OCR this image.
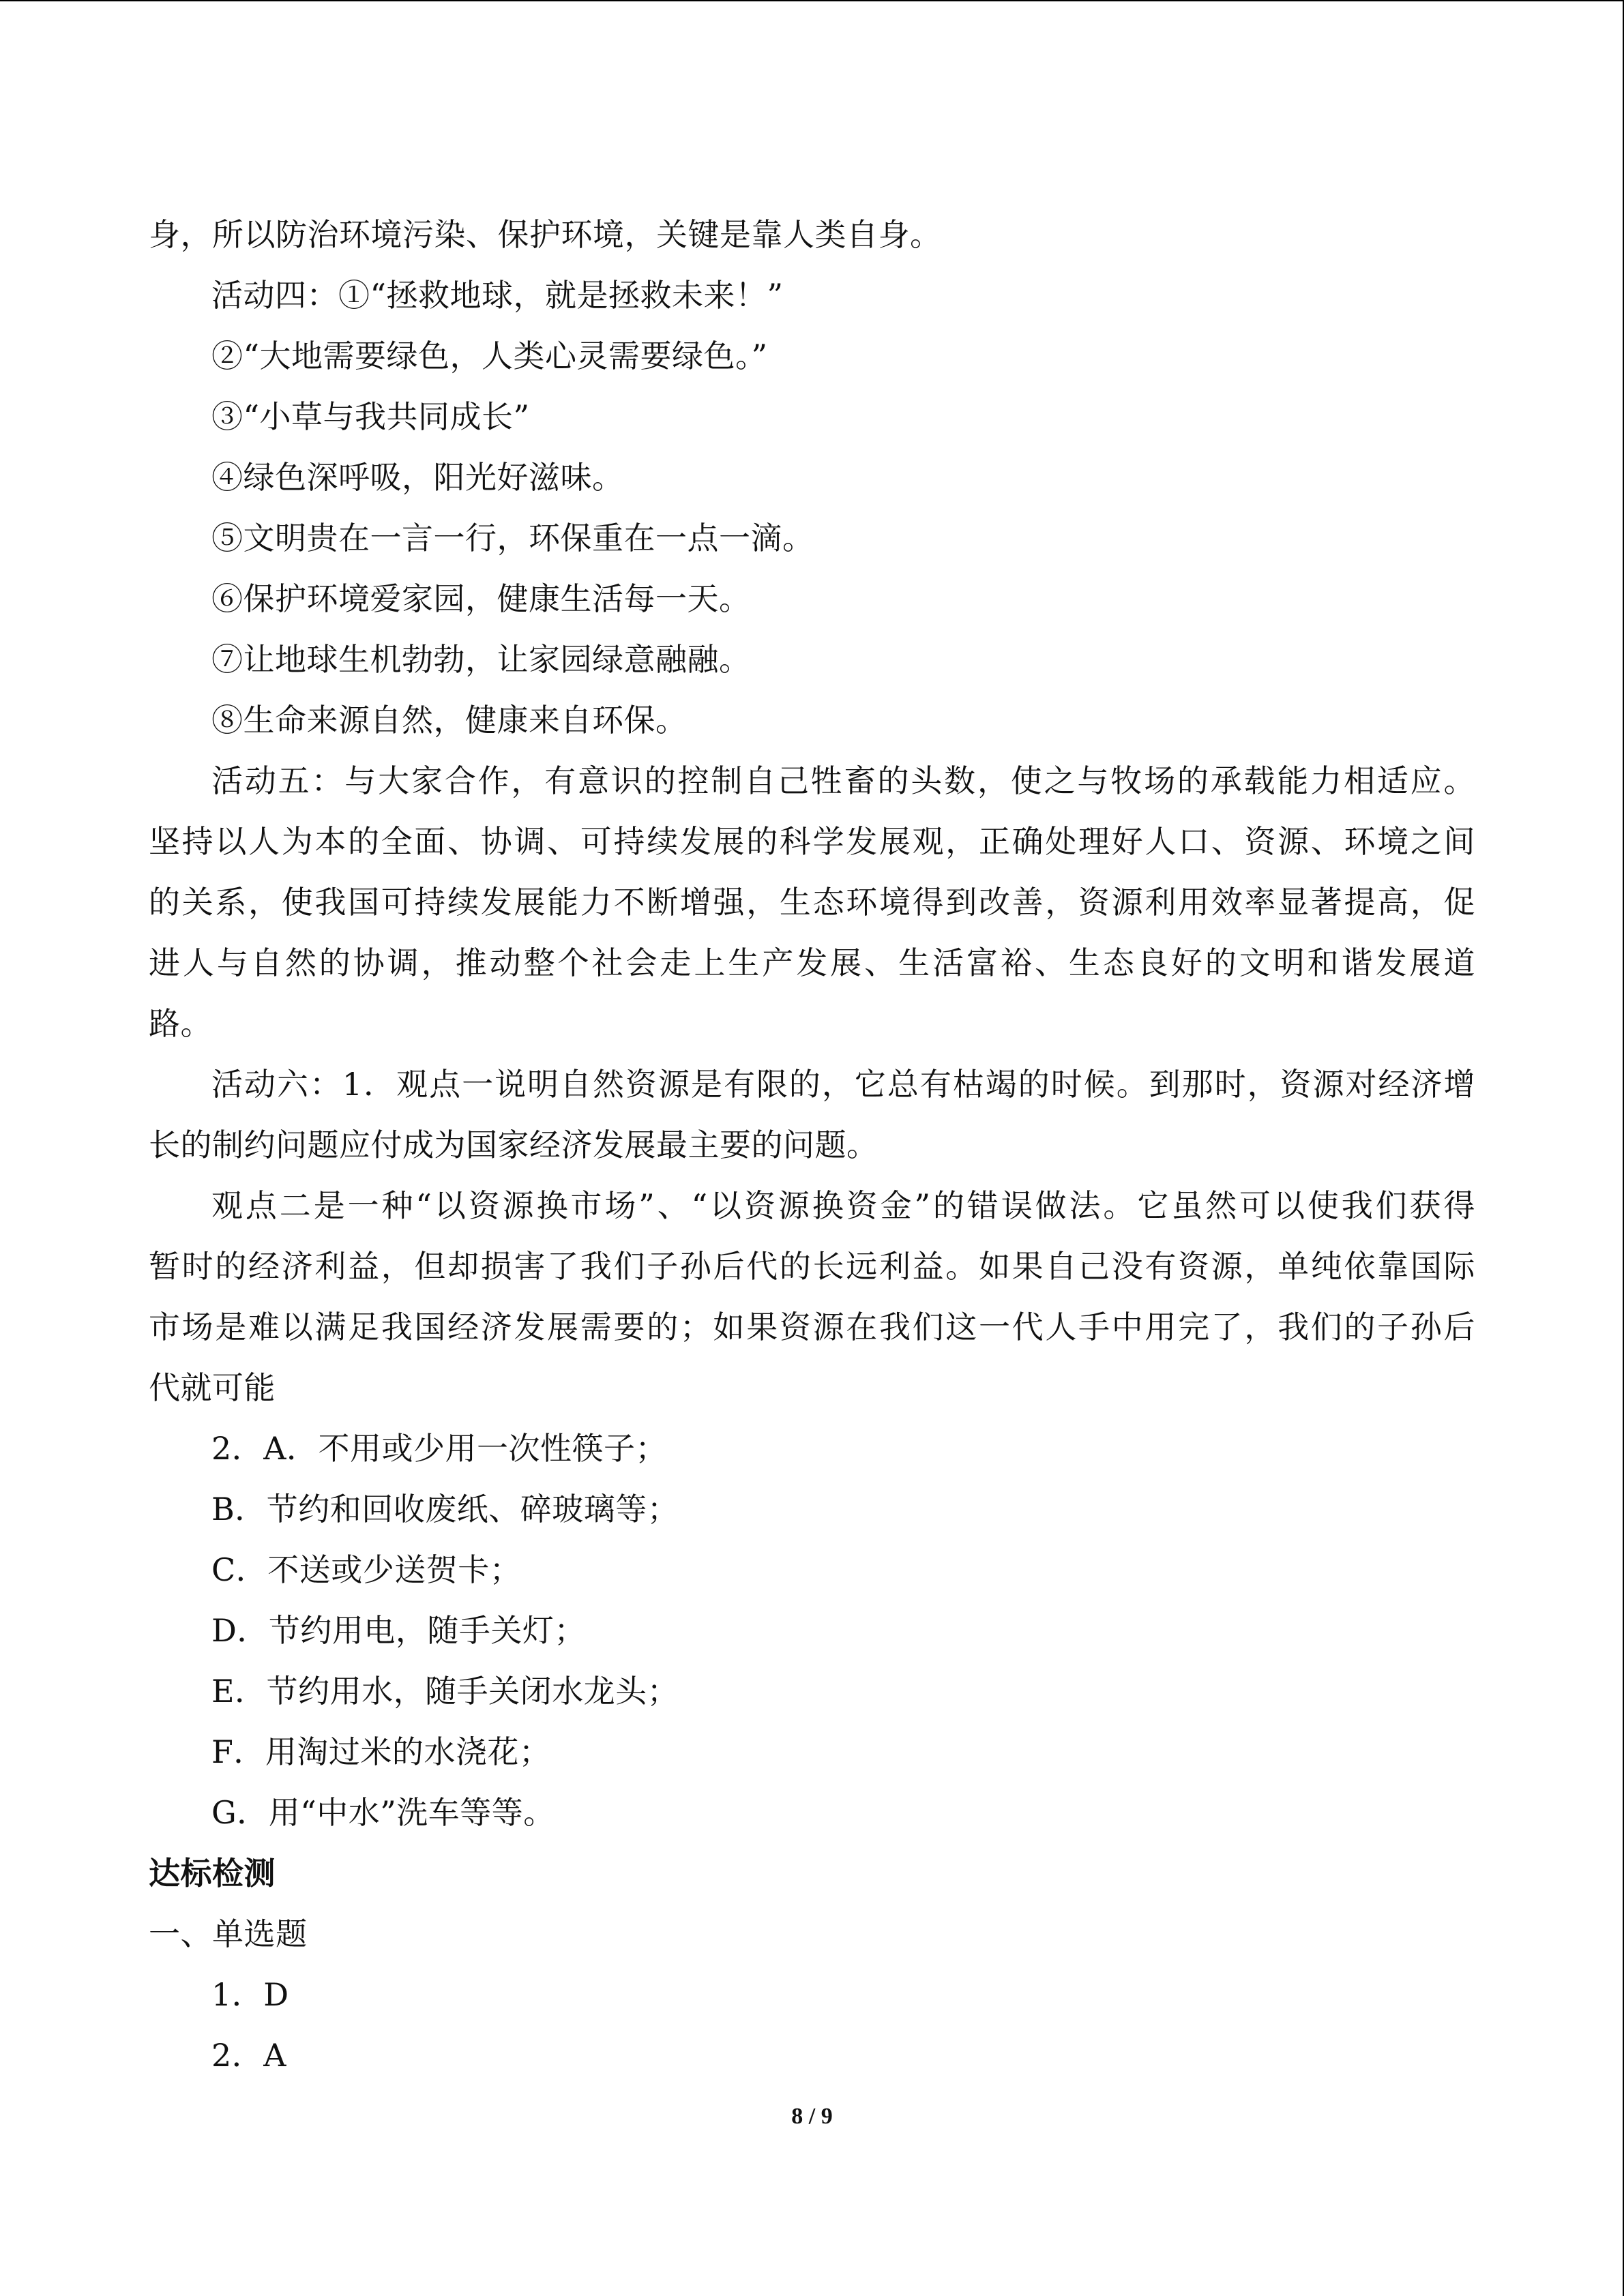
身，所以防治环境污染、保护环境，关键是靠人类自身。
活动四：①“拯救地球，就是拯救未来！”
②“大地需要绿色，人类心灵需要绿色。”
③“小草与我共同成长”
④绿色深呼吸，阳光好滋味。
⑤文明贵在一言一行，环保重在一点一滴。
⑥保护环境爱家园，健康生活每一天。
⑦让地球生机勃勃，让家园绿意融融。
⑧生命来源自然，健康来自环保。
活动五：与大家合作，有意识的控制自己牲畜的头数，使之与牧场的承载能力相适应。
坚持以人为本的全面、协调、可持续发展的科学发展观，正确处理好人口、资源、环境之间
的关系，使我国可持续发展能力不断增强，生态环境得到改善，资源利用效率显著提高，促
进人与自然的协调，推动整个社会走上生产发展、生活富裕、生态良好的文明和谐发展道
路。
活动六：1．观点一说明自然资源是有限的，它总有枯竭的时候。到那时，资源对经济增
长的制约问题应付成为国家经济发展最主要的问题。
观点二是一种“以资源换市场”、“以资源换资金”的错误做法。它虽然可以使我们获得
暂时的经济利益，但却损害了我们子孙后代的长远利益。如果自己没有资源，单纯依靠国际
市场是难以满足我国经济发展需要的；如果资源在我们这一代人手中用完了，我们的子孙后
代就可能
2．A．不用或少用一次性筷子；
B．节约和回收废纸、碎玻璃等；
C．不送或少送贺卡；
D．节约用电，随手关灯；
E．节约用水，随手关闭水龙头；
F．用淘过米的水浇花；
G．用“中水”洗车等等。
达标检测
一、单选题
1．D
2．A
8 / 9
